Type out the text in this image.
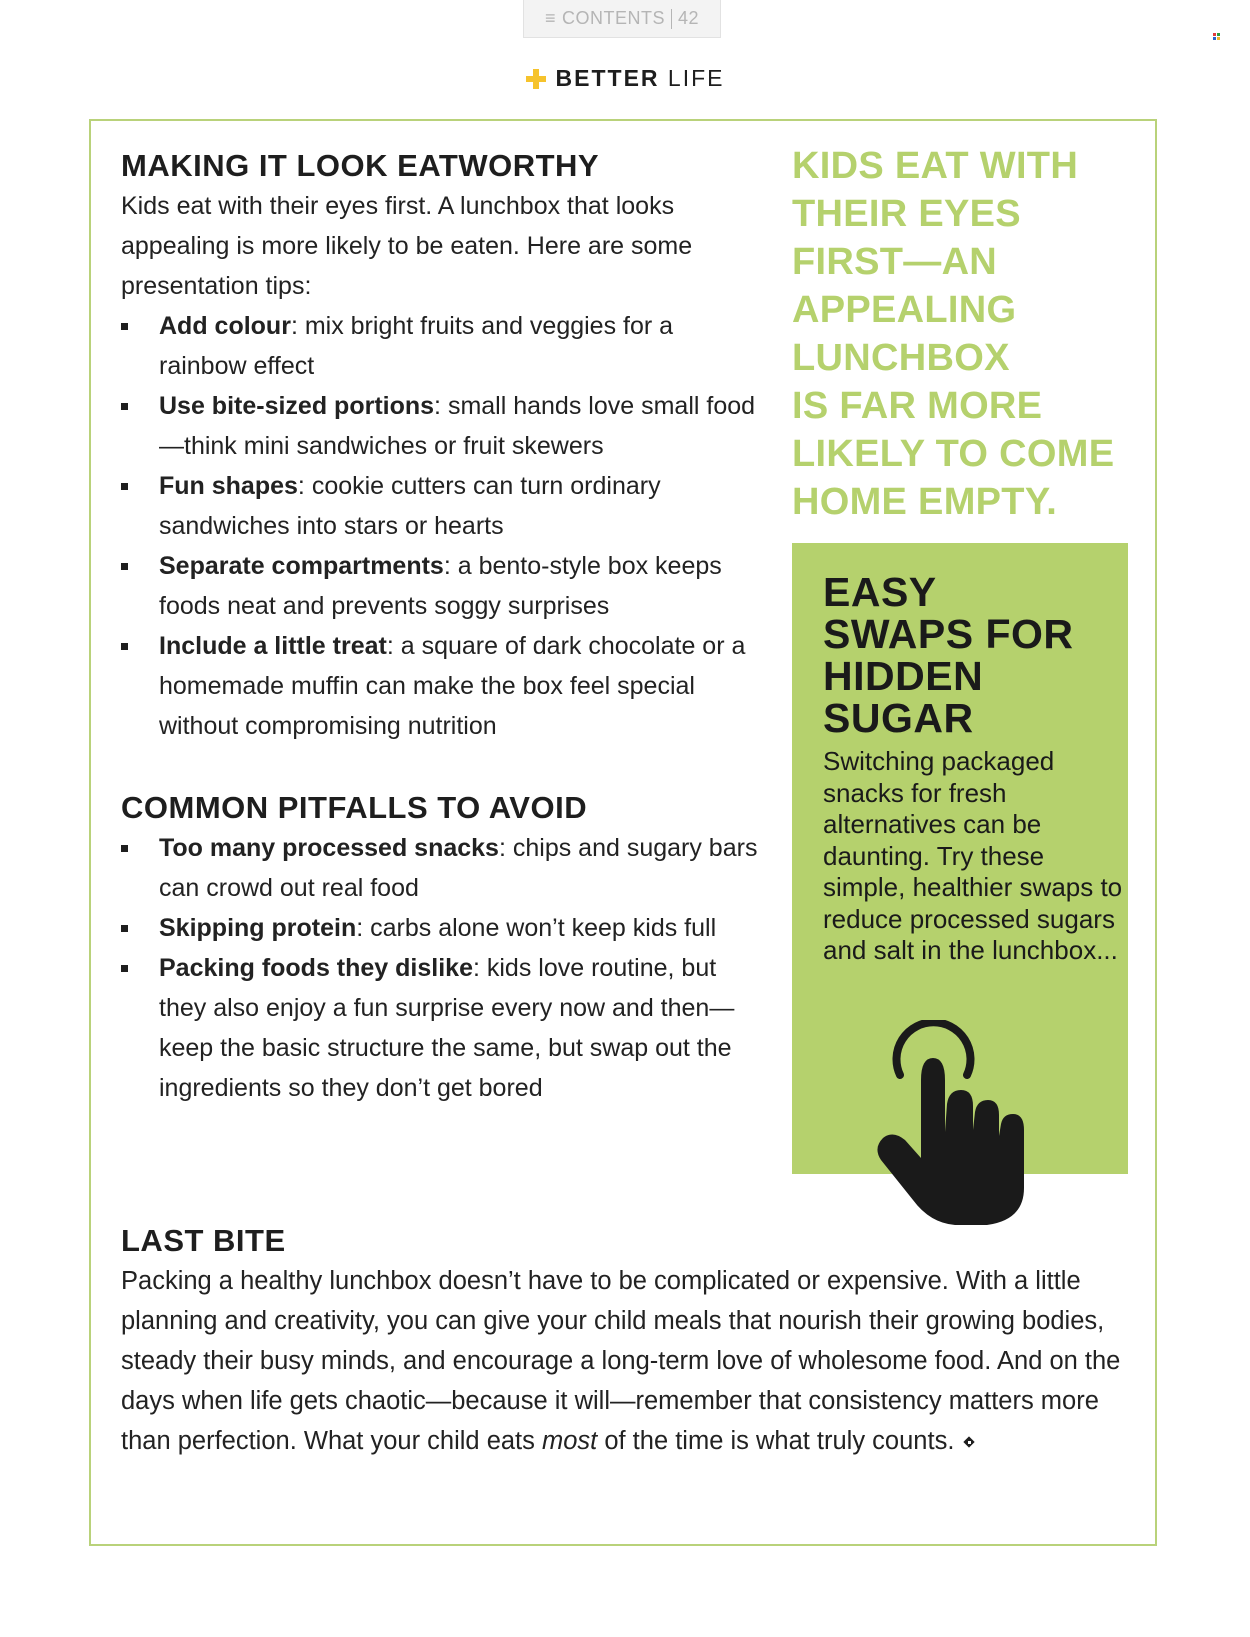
≡ CONTENTS 42
BETTER LIFE
MAKING IT LOOK EATWORTHY

Kids eat with their eyes first. A lunchbox that looks appealing is more likely to be eaten. Here are some presentation tips:

Add colour: mix bright fruits and veggies for a rainbow effect
Use bite-sized portions: small hands love small food—think mini sandwiches or fruit skewers
Fun shapes: cookie cutters can turn ordinary sandwiches into stars or hearts
Separate compartments: a bento-style box keeps foods neat and prevents soggy surprises
Include a little treat: a square of dark chocolate or a homemade muffin can make the box feel special without compromising nutrition
COMMON PITFALLS TO AVOID
Too many processed snacks: chips and sugary bars can crowd out real food
Skipping protein: carbs alone won’t keep kids full
Packing foods they dislike: kids love routine, but they also enjoy a fun surprise every now and then—keep the basic structure the same, but swap out the ingredients so they don’t get bored
KIDS EAT WITH
THEIR EYES
FIRST—AN
APPEALING
LUNCHBOX
IS FAR MORE
LIKELY TO COME
HOME EMPTY.
EASY
SWAPS FOR
HIDDEN
SUGAR
Switching packaged snacks for fresh alternatives can be daunting. Try these simple, healthier swaps to reduce processed sugars and salt in the lunchbox...
LAST BITE

Packing a healthy lunchbox doesn’t have to be complicated or expensive. With a little planning and creativity, you can give your child meals that nourish their growing bodies, steady their busy minds, and encourage a long-term love of wholesome food. And on the days when life gets chaotic—because it will—remember that consistency matters more than perfection. What your child eats most of the time is what truly counts.
